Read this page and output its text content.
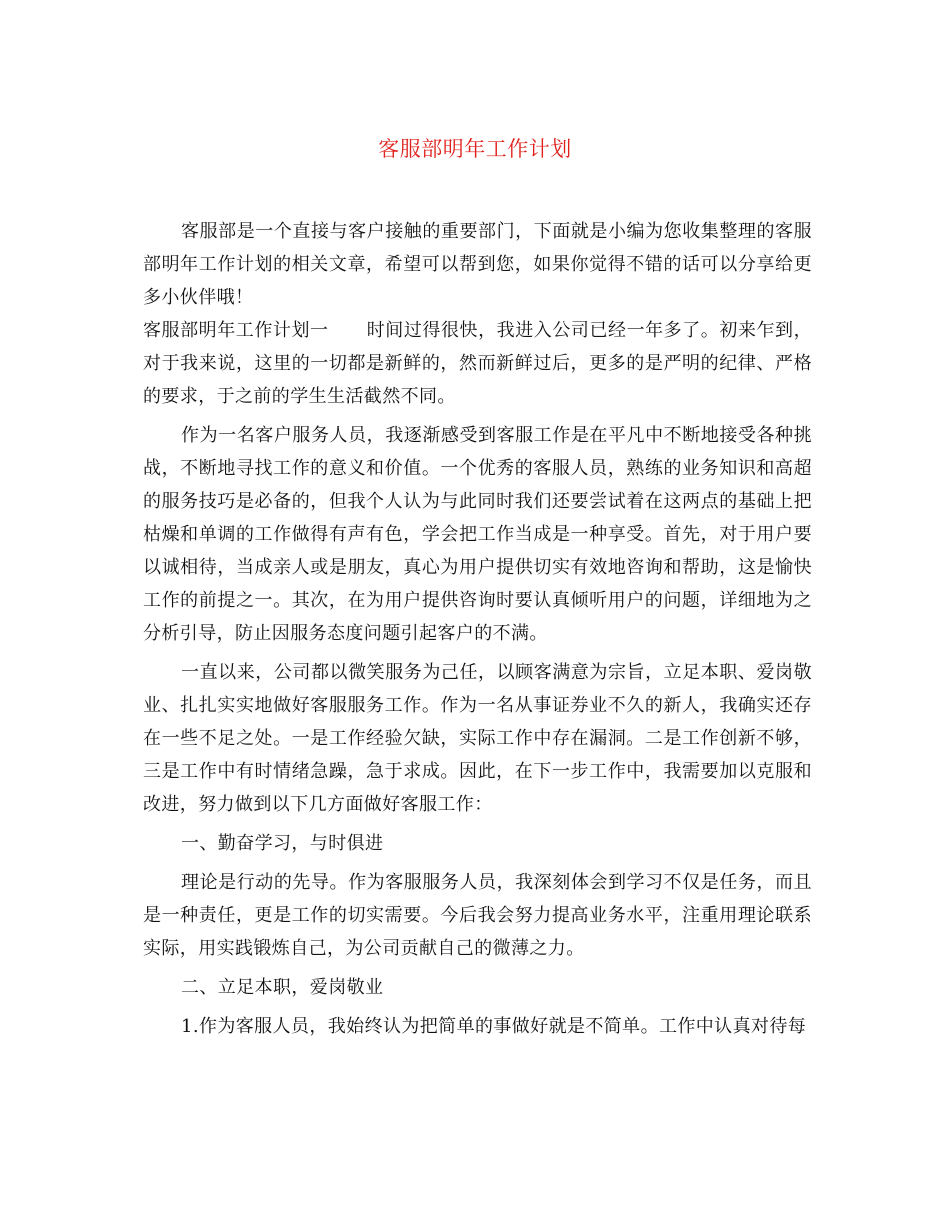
客服部明年工作计划

客服部是一个直接与客户接触的重要部门，下面就是小编为您收集整理的客服部明年工作计划的相关文章，希望可以帮到您，如果你觉得不错的话可以分享给更多小伙伴哦！

客服部明年工作计划一 时间过得很快，我进入公司已经一年多了。初来乍到，对于我来说，这里的一切都是新鲜的，然而新鲜过后，更多的是严明的纪律、严格的要求，于之前的学生生活截然不同。

作为一名客户服务人员，我逐渐感受到客服工作是在平凡中不断地接受各种挑战，不断地寻找工作的意义和价值。一个优秀的客服人员，熟练的业务知识和高超的服务技巧是必备的，但我个人认为与此同时我们还要尝试着在这两点的基础上把枯燥和单调的工作做得有声有色，学会把工作当成是一种享受。首先，对于用户要以诚相待，当成亲人或是朋友，真心为用户提供切实有效地咨询和帮助，这是愉快工作的前提之一。其次，在为用户提供咨询时要认真倾听用户的问题，详细地为之分析引导，防止因服务态度问题引起客户的不满。

一直以来，公司都以微笑服务为己任，以顾客满意为宗旨，立足本职、爱岗敬业、扎扎实实地做好客服服务工作。作为一名从事证券业不久的新人，我确实还存在一些不足之处。一是工作经验欠缺，实际工作中存在漏洞。二是工作创新不够，三是工作中有时情绪急躁，急于求成。因此，在下一步工作中，我需要加以克服和改进，努力做到以下几方面做好客服工作：

一、勤奋学习，与时俱进

理论是行动的先导。作为客服服务人员，我深刻体会到学习不仅是任务，而且是一种责任，更是工作的切实需要。今后我会努力提高业务水平，注重用理论联系实际，用实践锻炼自己，为公司贡献自己的微薄之力。

二、立足本职，爱岗敬业

1.作为客服人员，我始终认为把简单的事做好就是不简单。工作中认真对待每
